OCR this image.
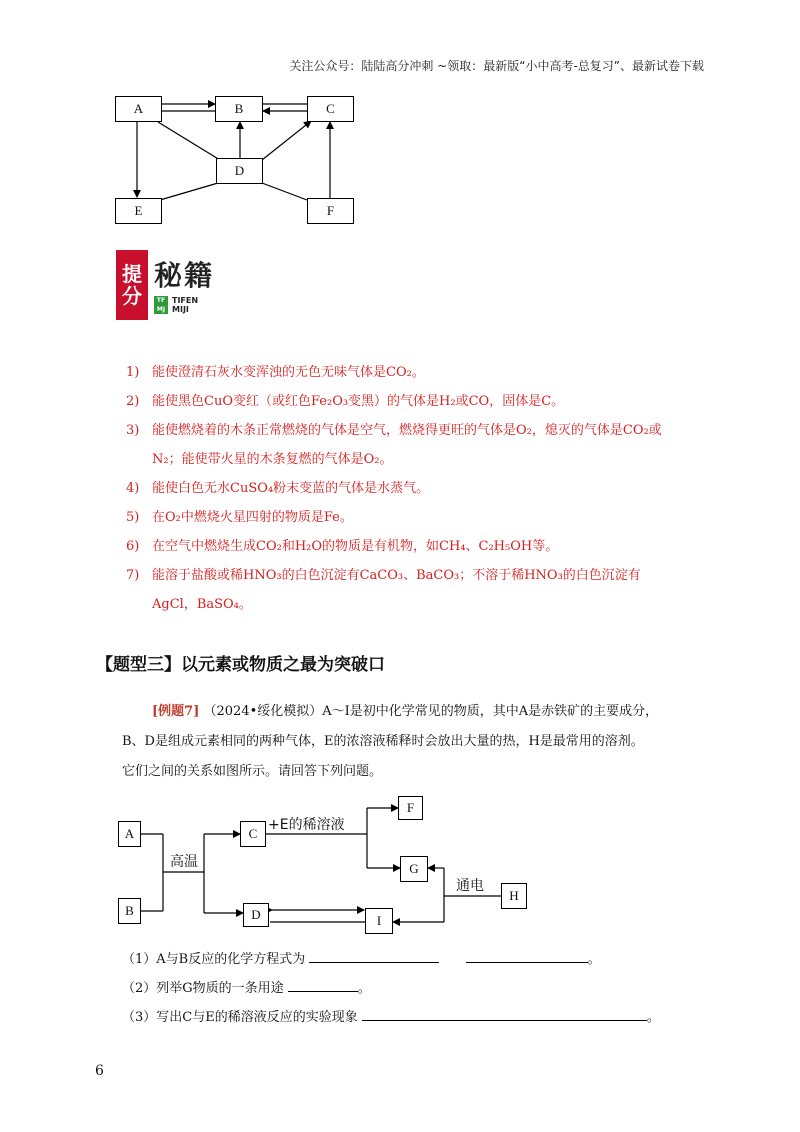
关注公众号：陆陆高分冲刺 ~领取：最新版“小中高考-总复习”、最新试卷下载
A	B	C
D
E	F
提
分
秘籍
TF MJ
TIFEN
MIJI
1) 能使澄清石灰水变浑浊的无色无味气体是CO₂。
2) 能使黑色CuO变红（或红色Fe₂O₃变黑）的气体是H₂或CO，固体是C。
3) 能使燃烧着的木条正常燃烧的气体是空气，燃烧得更旺的气体是O₂，熄灭的气体是CO₂或
N₂；能使带火星的木条复燃的气体是O₂。
4) 能使白色无水CuSO₄粉末变蓝的气体是水蒸气。
5) 在O₂中燃烧火星四射的物质是Fe。
6) 在空气中燃烧生成CO₂和H₂O的物质是有机物，如CH₄、C₂H₅OH等。
7) 能溶于盐酸或稀HNO₃的白色沉淀有CaCO₃、BaCO₃；不溶于稀HNO₃的白色沉淀有
AgCl，BaSO₄。
【题型三】以元素或物质之最为突破口
[例题7] （2024•绥化模拟）A～I是初中化学常见的物质，其中A是赤铁矿的主要成分，
B、D是组成元素相同的两种气体，E的浓溶液稀释时会放出大量的热，H是最常用的溶剂。
它们之间的关系如图所示。请回答下列问题。
A
B
C
D
F
G
H
I
高温
+E的稀溶液
通电
（1）A与B反应的化学方程式为	。
（2）列举G物质的一条用途	。
（3）写出C与E的稀溶液反应的实验现象	。
6
